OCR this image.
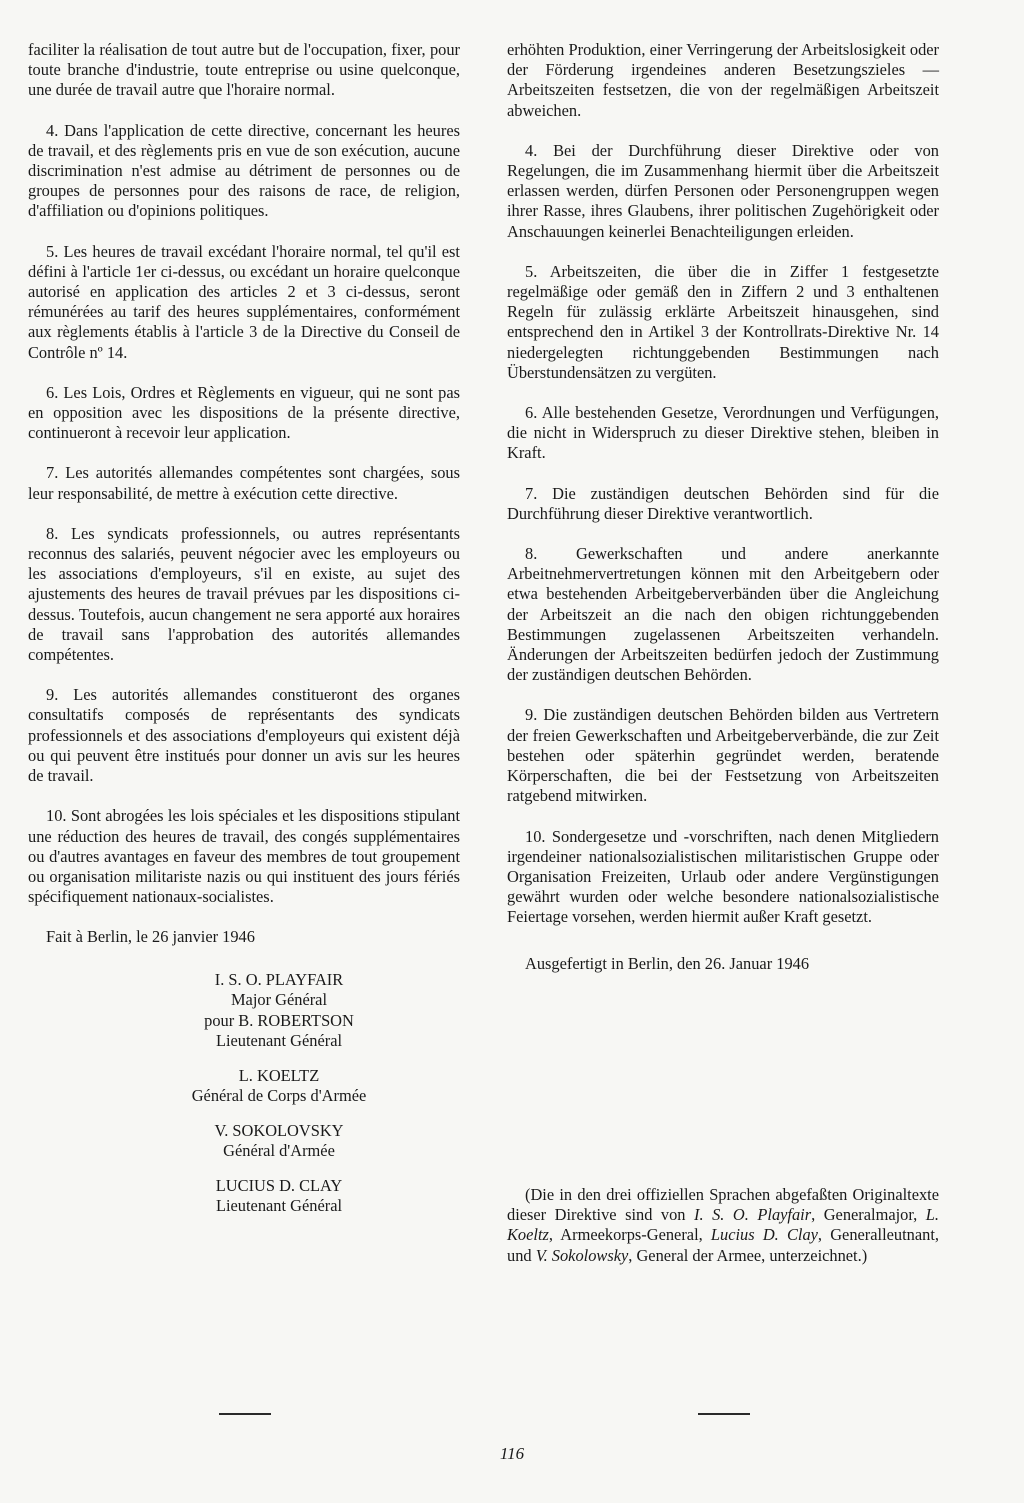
faciliter la réalisation de tout autre but de l'occupation, fixer, pour toute branche d'industrie, toute entreprise ou usine quelconque, une durée de travail autre que l'horaire normal.

4. Dans l'application de cette directive, concernant les heures de travail, et des règlements pris en vue de son exécution, aucune discrimination n'est admise au détriment de personnes ou de groupes de personnes pour des raisons de race, de religion, d'affiliation ou d'opinions politiques.

5. Les heures de travail excédant l'horaire normal, tel qu'il est défini à l'article 1er ci-dessus, ou excédant un horaire quelconque autorisé en application des articles 2 et 3 ci-dessus, seront rémunérées au tarif des heures supplémentaires, conformément aux règlements établis à l'article 3 de la Directive du Conseil de Contrôle nº 14.

6. Les Lois, Ordres et Règlements en vigueur, qui ne sont pas en opposition avec les dispositions de la présente directive, continueront à recevoir leur application.

7. Les autorités allemandes compétentes sont chargées, sous leur responsabilité, de mettre à exécution cette directive.

8. Les syndicats professionnels, ou autres représentants reconnus des salariés, peuvent négocier avec les employeurs ou les associations d'employeurs, s'il en existe, au sujet des ajustements des heures de travail prévues par les dispositions ci-dessus. Toutefois, aucun changement ne sera apporté aux horaires de travail sans l'approbation des autorités allemandes compétentes.

9. Les autorités allemandes constitueront des organes consultatifs composés de représentants des syndicats professionnels et des associations d'employeurs qui existent déjà ou qui peuvent être institués pour donner un avis sur les heures de travail.

10. Sont abrogées les lois spéciales et les dispositions stipulant une réduction des heures de travail, des congés supplémentaires ou d'autres avantages en faveur des membres de tout groupement ou organisation militariste nazis ou qui instituent des jours fériés spécifiquement nationaux-socialistes.

Fait à Berlin, le 26 janvier 1946

I. S. O. PLAYFAIR
Major Général
pour B. ROBERTSON
Lieutenant Général
L. KOELTZ
Général de Corps d'Armée
V. SOKOLOVSKY
Général d'Armée
LUCIUS D. CLAY
Lieutenant Général

erhöhten Produktion, einer Verringerung der Arbeitslosigkeit oder der Förderung irgendeines anderen Besetzungszieles — Arbeitszeiten festsetzen, die von der regelmäßigen Arbeitszeit abweichen.

4. Bei der Durchführung dieser Direktive oder von Regelungen, die im Zusammenhang hiermit über die Arbeitszeit erlassen werden, dürfen Personen oder Personengruppen wegen ihrer Rasse, ihres Glaubens, ihrer politischen Zugehörigkeit oder Anschauungen keinerlei Benachteiligungen erleiden.

5. Arbeitszeiten, die über die in Ziffer 1 festgesetzte regelmäßige oder gemäß den in Ziffern 2 und 3 enthaltenen Regeln für zulässig erklärte Arbeitszeit hinausgehen, sind entsprechend den in Artikel 3 der Kontrollrats-Direktive Nr. 14 niedergelegten richtunggebenden Bestimmungen nach Überstundensätzen zu vergüten.

6. Alle bestehenden Gesetze, Verordnungen und Verfügungen, die nicht in Widerspruch zu dieser Direktive stehen, bleiben in Kraft.

7. Die zuständigen deutschen Behörden sind für die Durchführung dieser Direktive verantwortlich.

8. Gewerkschaften und andere anerkannte Arbeitnehmervertretungen können mit den Arbeitgebern oder etwa bestehenden Arbeitgeberverbänden über die Angleichung der Arbeitszeit an die nach den obigen richtunggebenden Bestimmungen zugelassenen Arbeitszeiten verhandeln. Änderungen der Arbeitszeiten bedürfen jedoch der Zustimmung der zuständigen deutschen Behörden.

9. Die zuständigen deutschen Behörden bilden aus Vertretern der freien Gewerkschaften und Arbeitgeberverbände, die zur Zeit bestehen oder späterhin gegründet werden, beratende Körperschaften, die bei der Festsetzung von Arbeitszeiten ratgebend mitwirken.

10. Sondergesetze und -vorschriften, nach denen Mitgliedern irgendeiner nationalsozialistischen militaristischen Gruppe oder Organisation Freizeiten, Urlaub oder andere Vergünstigungen gewährt wurden oder welche besondere nationalsozialistische Feiertage vorsehen, werden hiermit außer Kraft gesetzt.

Ausgefertigt in Berlin, den 26. Januar 1946

(Die in den drei offiziellen Sprachen abgefaßten Originaltexte dieser Direktive sind von I. S. O. Playfair, Generalmajor, L. Koeltz, Armeekorps-General, Lucius D. Clay, Generalleutnant, und V. Sokolowsky, General der Armee, unterzeichnet.)

116
